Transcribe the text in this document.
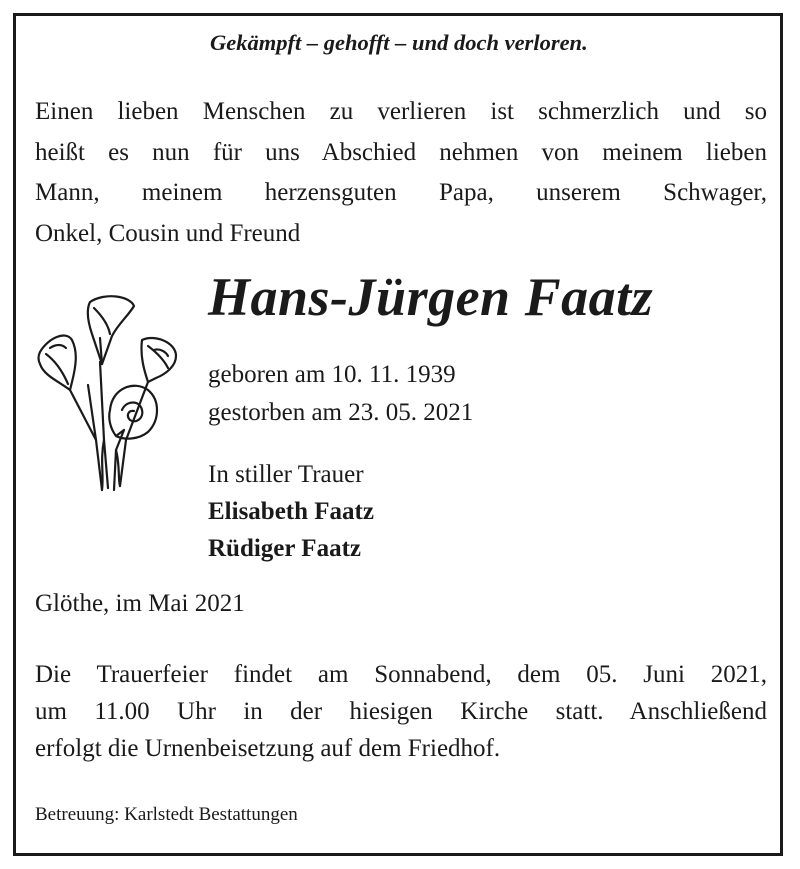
Gekämpft – gehofft – und doch verloren.
Einen lieben Menschen zu verlieren ist schmerzlich und so
heißt es nun für uns Abschied nehmen von meinem lieben
Mann, meinem herzensguten Papa, unserem Schwager,
Onkel, Cousin und Freund
Hans-Jürgen Faatz
geboren am 10. 11. 1939
gestorben am 23. 05. 2021
In stiller Trauer
Elisabeth Faatz
Rüdiger Faatz
Glöthe, im Mai 2021
Die Trauerfeier findet am Sonnabend, dem 05. Juni 2021,
um 11.00 Uhr in der hiesigen Kirche statt. Anschließend
erfolgt die Urnenbeisetzung auf dem Friedhof.
Betreuung: Karlstedt Bestattungen
